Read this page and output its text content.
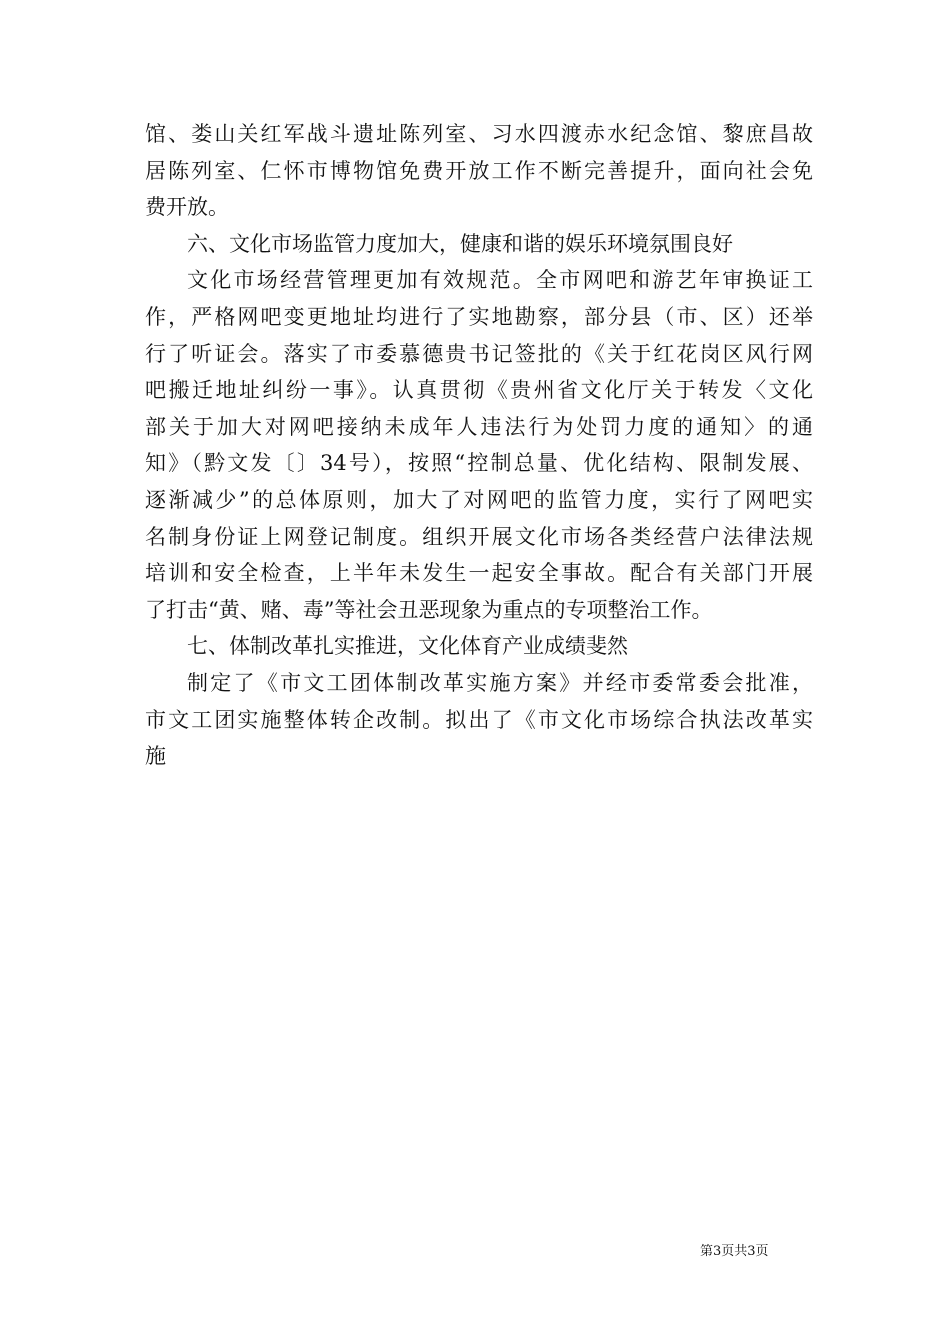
馆、娄山关红军战斗遗址陈列室、习水四渡赤水纪念馆、黎庶昌故
居陈列室、仁怀市博物馆免费开放工作不断完善提升，面向社会免
费开放。
六、文化市场监管力度加大，健康和谐的娱乐环境氛围良好
文化市场经营管理更加有效规范。全市网吧和游艺年审换证工
作，严格网吧变更地址均进行了实地勘察，部分县（市、区）还举
行了听证会。落实了市委慕德贵书记签批的《关于红花岗区风行网
吧搬迁地址纠纷一事》。认真贯彻《贵州省文化厅关于转发〈文化
部关于加大对网吧接纳未成年人违法行为处罚力度的通知〉的通
知》（黔文发〔〕34号），按照“控制总量、优化结构、限制发展、
逐渐减少”的总体原则，加大了对网吧的监管力度，实行了网吧实
名制身份证上网登记制度。组织开展文化市场各类经营户法律法规
培训和安全检查，上半年未发生一起安全事故。配合有关部门开展
了打击“黄、赌、毒”等社会丑恶现象为重点的专项整治工作。
七、体制改革扎实推进，文化体育产业成绩斐然
制定了《市文工团体制改革实施方案》并经市委常委会批准，
市文工团实施整体转企改制。拟出了《市文化市场综合执法改革实
施
第3页共3页
